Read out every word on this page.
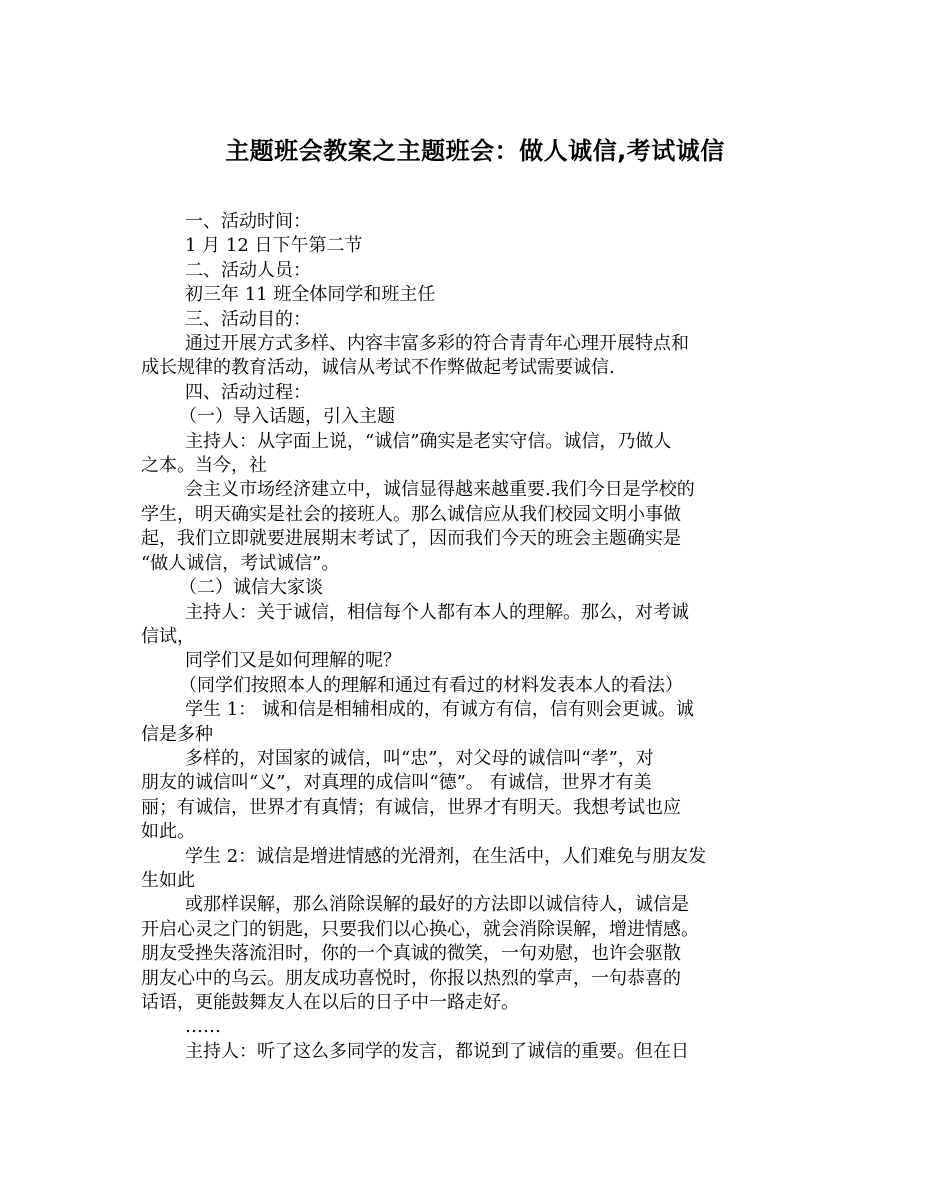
主题班会教案之主题班会：做人诚信,考试诚信

一、活动时间：

1 月 12 日下午第二节

二、活动人员：

初三年 11 班全体同学和班主任

三、活动目的：

通过开展方式多样、内容丰富多彩的符合青青年心理开展特点和

成长规律的教育活动，诚信从考试不作弊做起考试需要诚信.

四、活动过程：

（一）导入话题，引入主题

主持人：从字面上说，“诚信”确实是老实守信。诚信，乃做人

之本。当今，社

会主义市场经济建立中，诚信显得越来越重要.我们今日是学校的

学生，明天确实是社会的接班人。那么诚信应从我们校园文明小事做

起，我们立即就要进展期末考试了，因而我们今天的班会主题确实是

“做人诚信，考试诚信”。

（二）诚信大家谈

主持人：关于诚信，相信每个人都有本人的理解。那么，对考诚

信试，

同学们又是如何理解的呢？

（同学们按照本人的理解和通过有看过的材料发表本人的看法）

学生 1： 诚和信是相辅相成的，有诚方有信，信有则会更诚。诚

信是多种

多样的，对国家的诚信，叫“忠”，对父母的诚信叫“孝”，对

朋友的诚信叫“义”，对真理的成信叫“德”。 有诚信，世界才有美

丽；有诚信，世界才有真情；有诚信，世界才有明天。我想考试也应

如此。

学生 2：诚信是增进情感的光滑剂，在生活中，人们难免与朋友发

生如此

或那样误解，那么消除误解的最好的方法即以诚信待人，诚信是

开启心灵之门的钥匙，只要我们以心换心，就会消除误解，增进情感。

朋友受挫失落流泪时，你的一个真诚的微笑，一句劝慰，也许会驱散

朋友心中的乌云。朋友成功喜悦时，你报以热烈的掌声，一句恭喜的

话语，更能鼓舞友人在以后的日子中一路走好。

……

主持人：听了这么多同学的发言，都说到了诚信的重要。但在日
